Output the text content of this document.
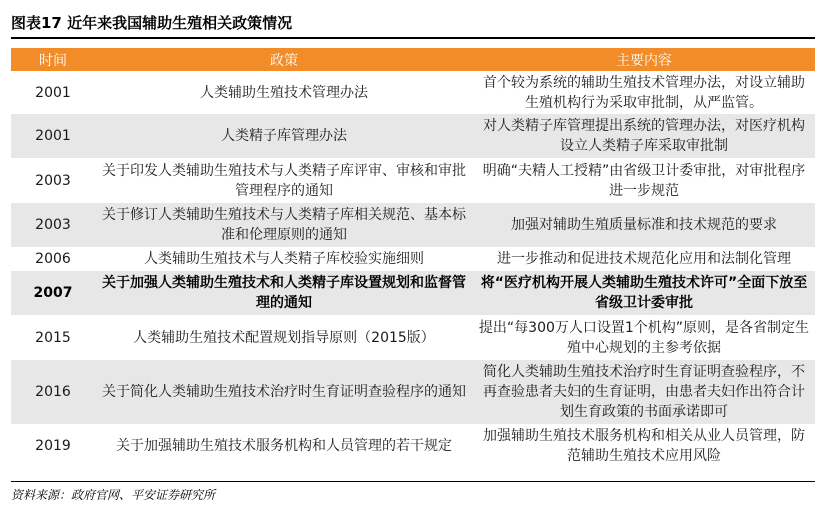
图表17 近年来我国辅助生殖相关政策情况
时间	政策	主要内容
2001	人类辅助生殖技术管理办法	首个较为系统的辅助生殖技术管理办法，对设立辅助生殖机构行为采取审批制，从严监管。
2001	人类精子库管理办法	对人类精子库管理提出系统的管理办法，对医疗机构设立人类精子库采取审批制
2003	关于印发人类辅助生殖技术与人类精子库评审、审核和审批管理程序的通知	明确“夫精人工授精”由省级卫计委审批，对审批程序进一步规范
2003	关于修订人类辅助生殖技术与人类精子库相关规范、基本标准和伦理原则的通知	加强对辅助生殖质量标准和技术规范的要求
2006	人类辅助生殖技术与人类精子库校验实施细则	进一步推动和促进技术规范化应用和法制化管理
2007	关于加强人类辅助生殖技术和人类精子库设置规划和监督管理的通知	将“医疗机构开展人类辅助生殖技术许可”全面下放至省级卫计委审批
2015	人类辅助生殖技术配置规划指导原则（2015版）	提出“每300万人口设置1个机构”原则，是各省制定生殖中心规划的主参考依据
2016	关于简化人类辅助生殖技术治疗时生育证明查验程序的通知	简化人类辅助生殖技术治疗时生育证明查验程序，不再查验患者夫妇的生育证明，由患者夫妇作出符合计划生育政策的书面承诺即可
2019	关于加强辅助生殖技术服务机构和人员管理的若干规定	加强辅助生殖技术服务机构和相关从业人员管理，防范辅助生殖技术应用风险
资料来源：政府官网、平安证券研究所
